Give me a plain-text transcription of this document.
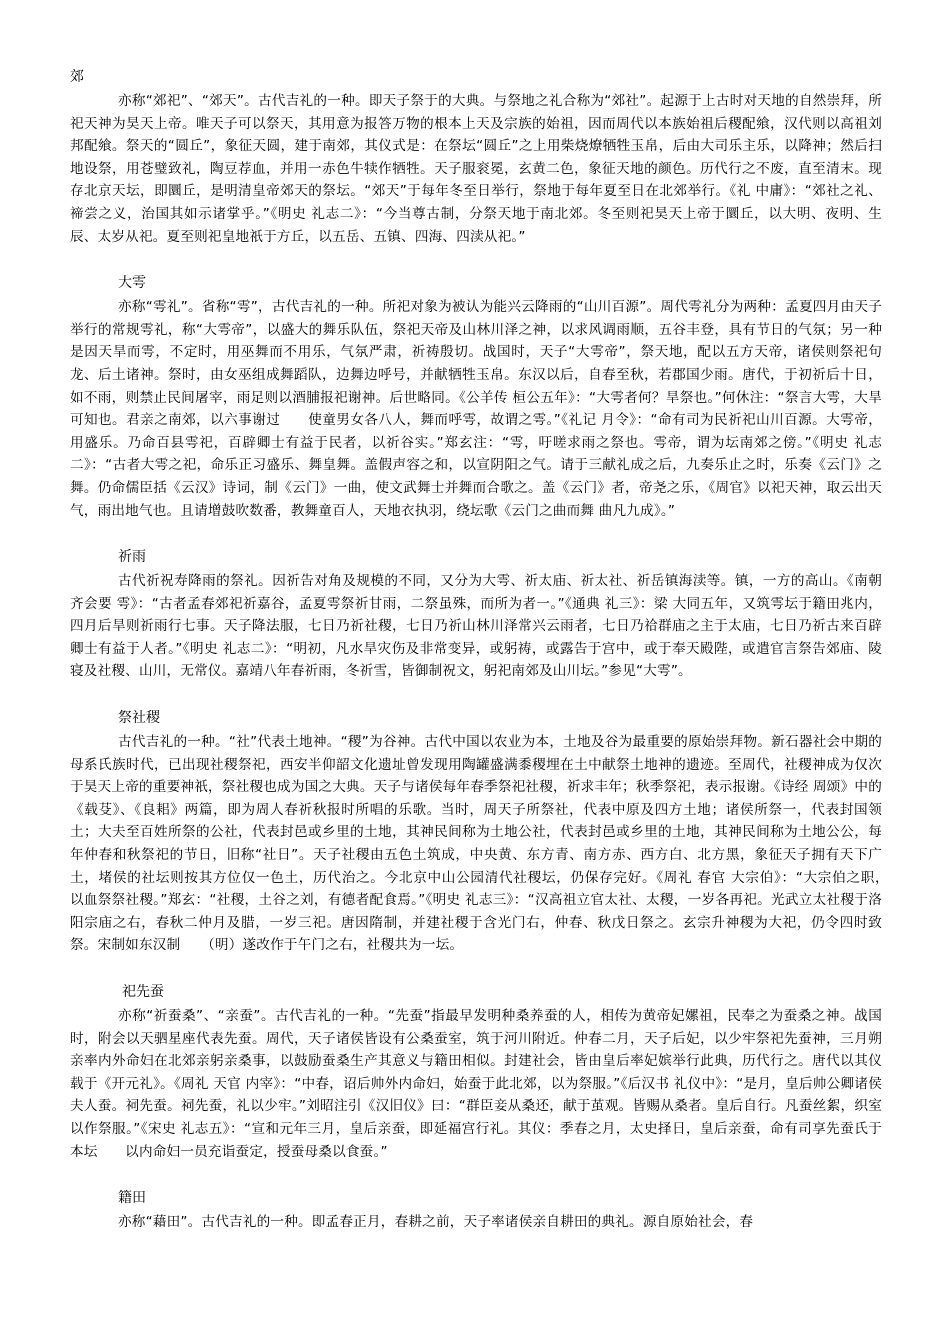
郊

亦称“郊祀”、“郊天”。古代吉礼的一种。即天子祭于的大典。与祭地之礼合称为“郊社”。起源于上古时对天地的自然崇拜，所祀天神为昊天上帝。唯天子可以祭天，其用意为报答万物的根本上天及宗族的始祖，因而周代以本族始祖后稷配飨，汉代则以高祖刘邦配飨。祭天的“圆丘”，象征天圆，建于南郊，其仪式是：在祭坛“圆丘”之上用柴烧燎牺牲玉帛，后由大司乐主乐，以降神；然后扫地设祭，用苍璧致礼，陶豆荐血，并用一赤色牛犊作牺牲。天子服衮冕，玄黄二色，象征天地的颜色。历代行之不废，直至清末。现存北京天坛，即圜丘，是明清皇帝郊天的祭坛。“郊天”于每年冬至日举行，祭地于每年夏至日在北郊举行。《礼 中庸》：“郊社之礼、禘尝之义，治国其如示诸掌乎。”《明史 礼志二》：“今当尊古制，分祭天地于南北郊。冬至则祀昊天上帝于圜丘，以大明、夜明、生辰、太岁从祀。夏至则祀皇地祇于方丘，以五岳、五镇、四海、四渎从祀。”

大雩

亦称“雩礼”。省称“雩”，古代吉礼的一种。所祀对象为被认为能兴云降雨的“山川百源”。周代雩礼分为两种：孟夏四月由天子举行的常规雩礼，称“大雩帝”，以盛大的舞乐队伍，祭祀天帝及山林川泽之神，以求风调雨顺，五谷丰登，具有节日的气氛；另一种是因天旱而雩，不定时，用巫舞而不用乐，气氛严肃，祈祷殷切。战国时，天子“大雩帝”，祭天地，配以五方天帝，诸侯则祭祀句龙、后土诸神。祭时，由女巫组成舞蹈队，边舞边呼号，并献牺牲玉帛。东汉以后，自春至秋，若郡国少雨。唐代，于初祈后十日，如不雨，则禁止民间屠宰，雨足则以酒脯报祀谢神。后世略同。《公羊传 桓公五年》：“大雩者何？旱祭也。”何休注：“祭言大雩，大旱可知也。君亲之南郊，以六事谢过　　使童男女各八人，舞而呼雩，故谓之雩。”《礼记 月令》：“命有司为民祈祀山川百源。大雩帝，用盛乐。乃命百县雩祀，百辟卿士有益于民者，以祈谷实。”郑玄注：“雩，吁嗟求雨之祭也。雩帝，谓为坛南郊之傍。”《明史 礼志二》：“古者大雩之祀，命乐正习盛乐、舞皇舞。盖假声容之和，以宣阴阳之气。请于三献礼成之后，九奏乐止之时，乐奏《云门》之舞。仍命儒臣括《云汉》诗词，制《云门》一曲，使文武舞士并舞而合歌之。盖《云门》者，帝尧之乐，《周官》以祀天神，取云出天气，雨出地气也。且请增鼓吹数番，教舞童百人，天地衣执羽，绕坛歌《云门之曲而舞 曲凡九成》。”

祈雨

古代祈祝寿降雨的祭礼。因祈告对角及规模的不同，又分为大雩、祈太庙、祈太社、祈岳镇海渎等。镇，一方的高山。《南朝齐会要 雩》：“古者孟春郊祀祈嘉谷，孟夏雩祭祈甘雨，二祭虽殊，而所为者一。”《通典 礼三》：梁 大同五年，又筑雩坛于籍田兆内，四月后旱则祈雨行七事。天子降法服，七日乃祈社稷，七日乃祈山林川泽常兴云雨者，七日乃祫群庙之主于太庙，七日乃祈古来百辟卿士有益于人者。”《明史 礼志二》：“明初，凡水旱灾伤及非常变异，或躬祷，或露告于宫中，或于奉天殿陛，或遣官言祭告郊庙、陵寝及社稷、山川，无常仪。嘉靖八年春祈雨，冬祈雪，皆御制祝文，躬祀南郊及山川坛。”参见“大雩”。

祭社稷

古代吉礼的一种。“社”代表土地神。“稷”为谷神。古代中国以农业为本，土地及谷为最重要的原始崇拜物。新石器社会中期的母系氏族时代，已出现社稷祭祀，西安半仰韶文化遗址曾发现用陶罐盛满黍稷埋在土中献祭土地神的遗迹。至周代，社稷神成为仅次于昊天上帝的重要神祇，祭社稷也成为国之大典。天子与诸侯每年春季祭祀社稷，祈求丰年；秋季祭祀，表示报谢。《诗经 周颂》中的《载芟》、《良耜》两篇，即为周人春祈秋报时所唱的乐歌。当时，周天子所祭社，代表中原及四方土地；诸侯所祭一，代表封国领土；大夫至百姓所祭的公社，代表封邑或乡里的土地，其神民间称为土地公社，代表封邑或乡里的土地，其神民间称为土地公公，每年仲春和秋祭祀的节日，旧称“社日”。天子社稷由五色土筑成，中央黄、东方青、南方赤、西方白、北方黑，象征天子拥有天下广土，堵侯的社坛则按其方位仅一色土，历代治之。今北京中山公园清代社稷坛，仍保存完好。《周礼 春官 大宗伯》：“大宗伯之职，　　以血祭祭社稷。”郑玄：“社稷，土谷之刘，有德者配食焉。”《明史 礼志三》：“汉高祖立官太社、太稷，一岁各再祀。光武立太社稷于洛阳宗庙之右，春秋二仲月及腊，一岁三祀。唐因隋制，并建社稷于含光门右，仲春、秋戊日祭之。玄宗升神稷为大祀，仍令四时致祭。宋制如东汉制　　（明）遂改作于午门之右，社稷共为一坛。

祀先蚕

亦称“祈蚕桑”、“亲蚕”。古代吉礼的一种。“先蚕”指最早发明种桑养蚕的人，相传为黄帝妃嫘祖，民奉之为蚕桑之神。战国时，附会以天驷星座代表先蚕。周代，天子诸侯皆设有公桑蚕室，筑于河川附近。仲春二月，天子后妃，以少牢祭祀先蚕神，三月朔亲率内外命妇在北郊亲躬亲桑事，以鼓励蚕桑生产其意义与籍田相似。封建社会，皆由皇后率妃嫔举行此典，历代行之。唐代以其仪载于《开元礼》。《周礼 天官 内宰》：“中春，诏后帅外内命妇，始蚕于此北郊，以为祭服。”《后汉书 礼仪中》：“是月，皇后帅公卿诸侯夫人蚕。祠先蚕。祠先蚕，礼以少牢。”刘昭注引《汉旧仪》曰：“群臣妾从桑还，献于茧观。皆赐从桑者。皇后自行。凡蚕丝絮，织室以作祭服。”《宋史 礼志五》：“宣和元年三月，皇后亲蚕，即延福宫行礼。其仪：季春之月，太史择日，皇后亲蚕，命有司享先蚕氏于本坛　　以内命妇一员充诣蚕定，授蚕母桑以食蚕。”

籍田

亦称“藉田”。古代吉礼的一种。即孟春正月，春耕之前，天子率诸侯亲自耕田的典礼。源自原始社会，春
